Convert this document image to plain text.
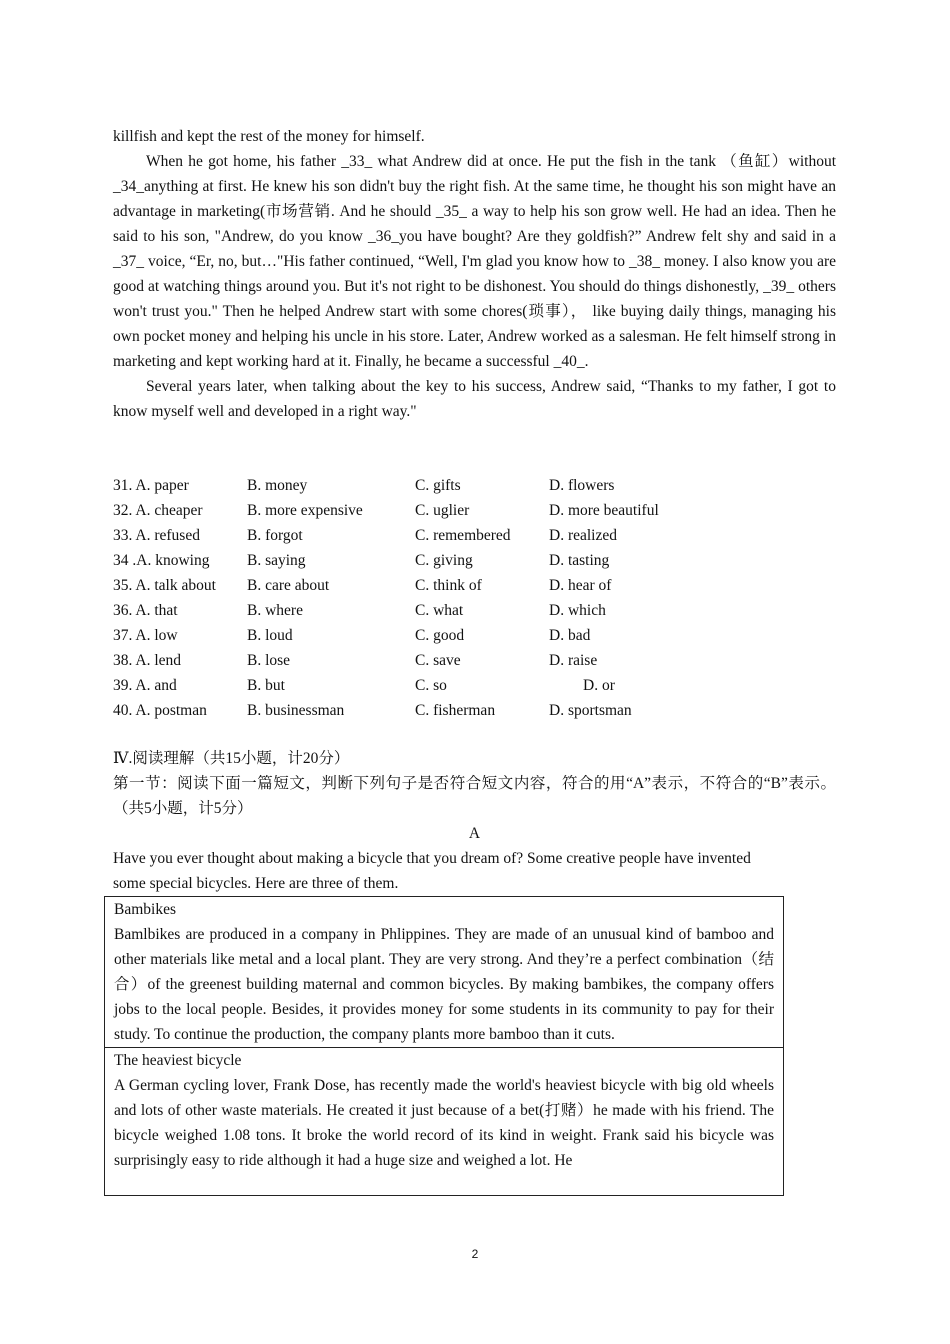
killfish and kept the rest of the money for himself.

When he got home, his father _33_ what Andrew did at once. He put the fish in the tank （鱼缸）without _34_anything at first. He knew his son didn't buy the right fish. At the same time, he thought his son might have an advantage in marketing(市场营销. And he should _35_ a way to help his son grow well. He had an idea. Then he said to his son, "Andrew, do you know _36_you have bought? Are they goldfish?” Andrew felt shy and said in a _37_ voice, “Er, no, but…"His father continued, “Well, I'm glad you know how to _38_ money. I also know you are good at watching things around you. But it's not right to be dishonest. You should do things dishonestly, _39_ others won't trust you." Then he helped Andrew start with some chores(琐事）， like buying daily things, managing his own pocket money and helping his uncle in his store. Later, Andrew worked as a salesman. He felt himself strong in marketing and kept working hard at it. Finally, he became a successful _40_.

Several years later, when talking about the key to his success, Andrew said, “Thanks to my father, I got to know myself well and developed in a right way."

31. A. paper	B. money	C. gifts	D. flowers
32. A. cheaper	B. more expensive	C. uglier	D. more beautiful
33. A. refused	B. forgot	C. remembered D. realized
34 .A. knowing B. saying	C. giving	D. tasting
35. A. talk about B. care about	C. think of	D. hear of
36. A. that	B. where	C. what	D. which
37. A. low	B. loud	C. good	D. bad
38. A. lend	B. lose	C. save	D. raise
39. A. and	B. but	C. so	D. or
40. A. postman	B. businessman	C. fisherman	D. sportsman

Ⅳ.阅读理解（共15小题，计20分）

第一节：阅读下面一篇短文，判断下列句子是否符合短文内容，符合的用“A”表示，不符合的“B”表示。（共5小题，计5分）

A

Have you ever thought about making a bicycle that you dream of? Some creative people have invented some special bicycles. Here are three of them.

Bambikes

Bamlbikes are produced in a company in Phlippines. They are made of an unusual kind of bamboo and other materials like metal and a local plant. They are very strong. And they’re a perfect combination（结合）of the greenest building maternal and common bicycles. By making bambikes, the company offers jobs to the local people. Besides, it provides money for some students in its community to pay for their study. To continue the production, the company plants more bamboo than it cuts.

The heaviest bicycle

A German cycling lover, Frank Dose, has recently made the world's heaviest bicycle with big old wheels and lots of other waste materials. He created it just because of a bet(打赌）he made with his friend. The bicycle weighed 1.08 tons. It broke the world record of its kind in weight. Frank said his bicycle was surprisingly easy to ride although it had a huge size and weighed a lot. He

2
